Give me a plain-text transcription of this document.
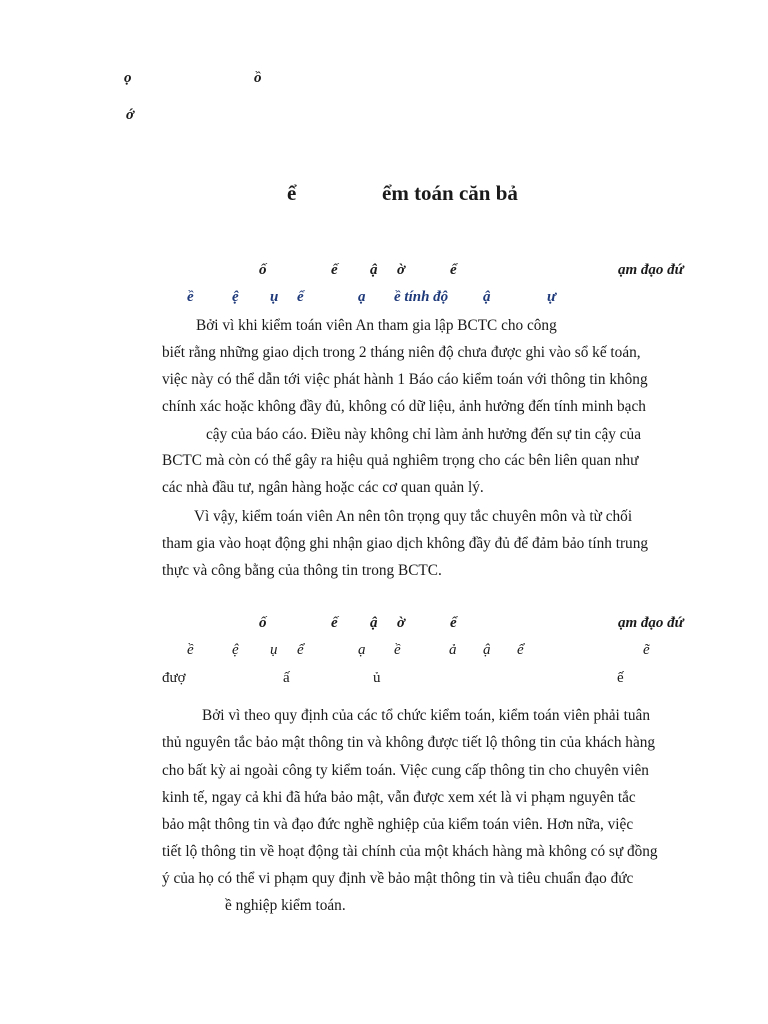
ọ	ồ
ớ
ể	ểm toán căn bả
ố	ế ậ ờ	ể	ạm đạo đứ
ề	ệ ụ ể	ạ ề tính độ ậ	ự
Bởi vì khi kiểm toán viên An tham gia lập BCTC cho công
biết rằng những giao dịch trong 2 tháng niên độ chưa được ghi vào sổ kế toán,
việc này có thể dẫn tới việc phát hành 1 Báo cáo kiểm toán với thông tin không
chính xác hoặc không đầy đủ, không có dữ liệu, ảnh hưởng đến tính minh bạch
cậy của báo cáo. Điều này không chỉ làm ảnh hưởng đến sự tin cậy của
BCTC mà còn có thể gây ra hiệu quả nghiêm trọng cho các bên liên quan như
các nhà đầu tư, ngân hàng hoặc các cơ quan quản lý.
Vì vậy, kiểm toán viên An nên tôn trọng quy tắc chuyên môn và từ chối
tham gia vào hoạt động ghi nhận giao dịch không đầy đủ để đảm bảo tính trung
thực và công bằng của thông tin trong BCTC.
ố	ế ậ ờ	ể	ạm đạo đứ
ề	ệ ụ ể	ạ ề	ả ậ ể	ẽ
đượ	ấ	ủ	ế
Bởi vì theo quy định của các tổ chức kiểm toán, kiểm toán viên phải tuân
thủ nguyên tắc bảo mật thông tin và không được tiết lộ thông tin của khách hàng
cho bất kỳ ai ngoài công ty kiểm toán. Việc cung cấp thông tin cho chuyên viên
kinh tế, ngay cả khi đã hứa bảo mật, vẫn được xem xét là vi phạm nguyên tắc
bảo mật thông tin và đạo đức nghề nghiệp của kiểm toán viên. Hơn nữa, việc
tiết lộ thông tin về hoạt động tài chính của một khách hàng mà không có sự đồng
ý của họ có thể vi phạm quy định về bảo mật thông tin và tiêu chuẩn đạo đức
ề nghiệp kiểm toán.
